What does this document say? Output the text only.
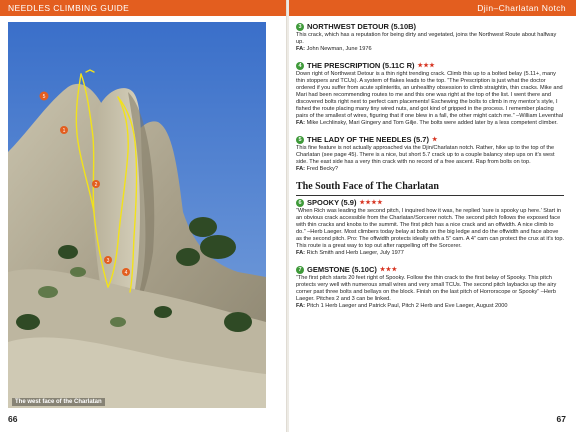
NEEDLES CLIMBING GUIDE
5
1
2
3
4
The west face of the Charlatan
66
Djin–Charlatan Notch
3 NORTHWEST DETOUR (5.10B)
This crack, which has a reputation for being dirty and vegetated, joins the Northwest Route about halfway up.
FA: John Newman, June 1976
4 THE PRESCRIPTION (5.11C R) ★★★
Down right of Northwest Detour is a thin right trending crack. Climb this up to a bolted belay (5.11+, many thin stoppers and TCUs). A system of flakes leads to the top. “The Prescription is just what the doctor ordered if you suffer from acute splinteritis, an unhealthy obsession to climb straightin, thin cracks. Mike and Mari had been recommending routes to me and this one was right at the top of the list. I went there and discovered bolts right next to perfect cam placements! Eschewing the bolts to climb in my mentor’s style, I fished the route placing many tiny wired nuts, and got kind of gripped in the process. I remember placing pairs of the smallest of wires, figuring that if one blew in a fall, the other might catch me.” –William Leventhal
FA: Mike Lechlinsky, Mari Gingery and Tom Gilje. The bolts were added later by a less competent climber.
5 THE LADY OF THE NEEDLES (5.7) ★
This fine feature is not actually approached via the Djin/Charlatan notch. Rather, hike up to the top of the Charlatan (see page 45). There is a nice, but short 5.7 crack up to a couple balancy step ups on it’s west side. The east side has a very thin crack with no record of a free ascent. Rap from bolts on top.
FA: Fred Becky?
The South Face of The Charlatan
6 SPOOKY (5.9) ★★★★
“When Rich was leading the second pitch, I inquired how it was, he replied ‘sure is spooky up here.’ Start in an obvious crack accessible from the Charlatan/Sorcerer notch. The second pitch follows the exposed face with thin cracks and knobs to the summit. The first pitch has a nice crack and an offwidth. A nice climb to do.” –Herb Laeger. Most climbers today belay at bolts on the big ledge and do the offwidth and face above as the second pitch. Pro: The offwidth protects ideally with a 5” cam. A 4” cam can protect the crux at it’s top. This route is a great way to top out after rappelling off the Sorcerer.
FA: Rich Smith and Herb Laeger, July 1977
7 GEMSTONE (5.10C) ★★★
“The first pitch starts 20 feet right of Spooky. Follow the thin crack to the first belay of Spooky. This pitch protects very well with numerous small wires and very small TCUs. The second pitch laybacks up the airy corner past three bolts and bellays on the block. Finish on the last pitch of Horrorscope or Spooky” –Herb Laeger. Pitches 2 and 3 can be linked.
FA: Pitch 1 Herb Laeger and Patrick Paul, Pitch 2 Herb and Eve Laeger, August 2000
67
